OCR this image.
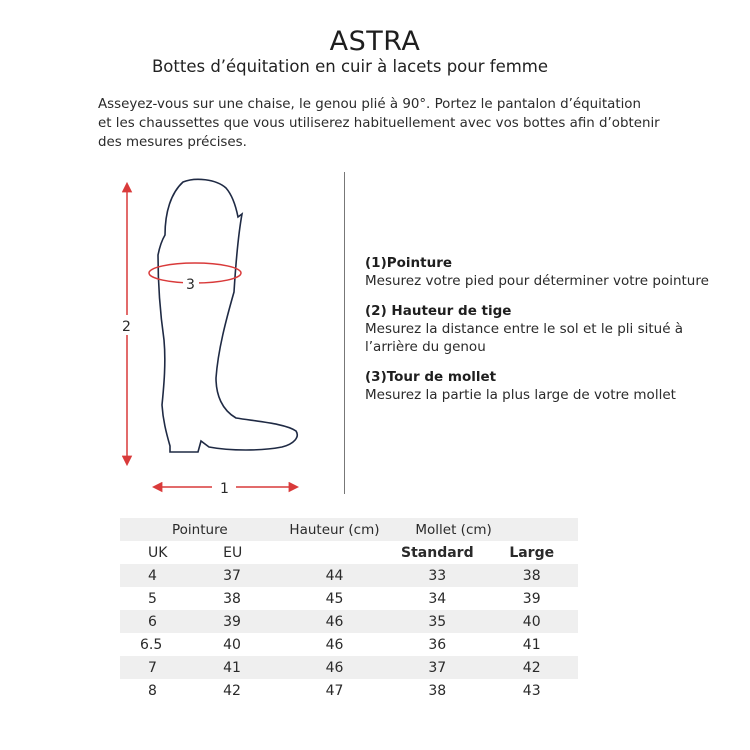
ASTRA
Bottes d’équitation en cuir à lacets pour femme
Asseyez-vous sur une chaise, le genou plié à 90°. Portez le pantalon d’équitation
et les chaussettes que vous utiliserez habituellement avec vos bottes afin d’obtenir
des mesures précises.
2
3
1
(1)Pointure
Mesurez votre pied pour déterminer votre pointure
(2) Hauteur de tige
Mesurez la distance entre le sol et le pli situé à l’arrière du genou
(3)Tour de mollet
Mesurez la partie la plus large de votre mollet
Pointure		Hauteur (cm)	Mollet (cm)	
UK	EU		Standard	Large
4	37	44	33	38
5	38	45	34	39
6	39	46	35	40
6.5	40	46	36	41
7	41	46	37	42
8	42	47	38	43
